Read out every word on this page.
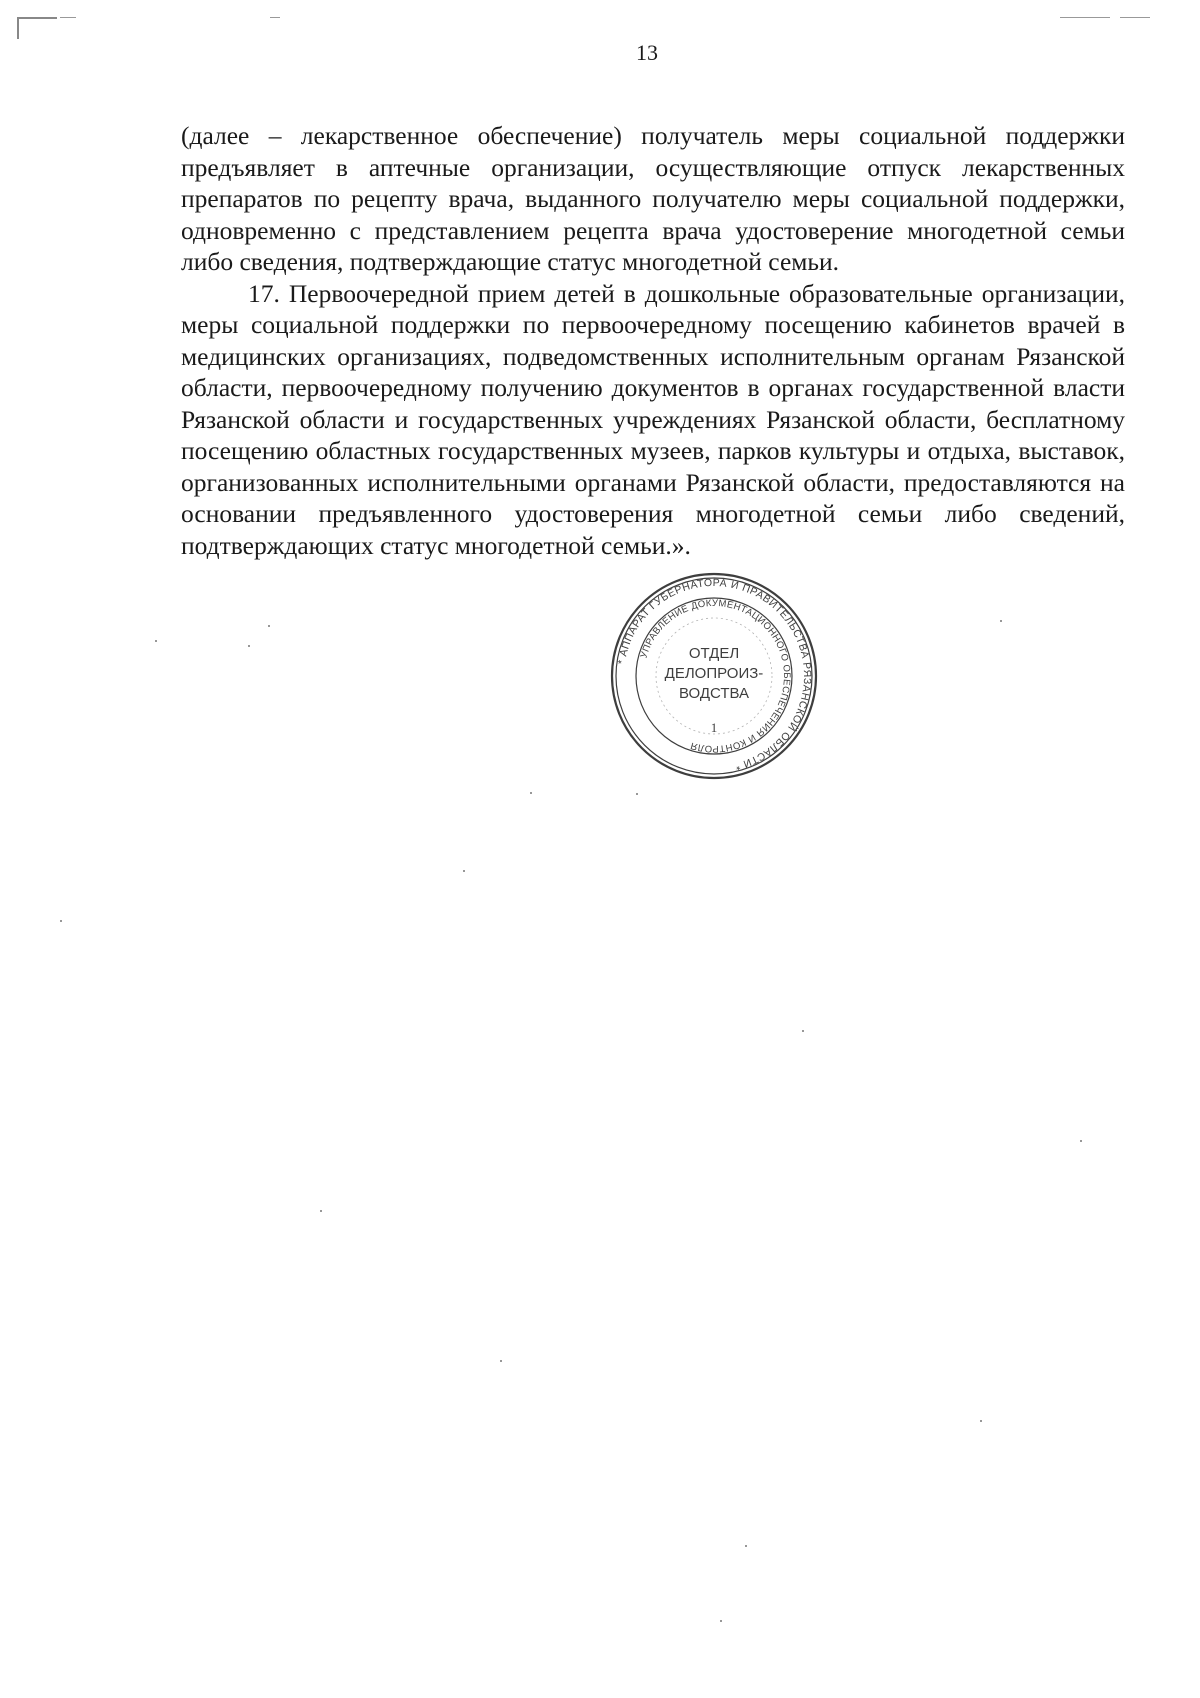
13

(далее – лекарственное обеспечение) получатель меры социальной поддержки предъявляет в аптечные организации, осуществляющие отпуск лекарственных препаратов по рецепту врача, выданного получателю меры социальной поддержки, одновременно с представлением рецепта врача удостоверение многодетной семьи либо сведения, подтверждающие статус многодетной семьи.

17. Первоочередной прием детей в дошкольные образовательные организации, меры социальной поддержки по первоочередному посещению кабинетов врачей в медицинских организациях, подведомственных исполнительным органам Рязанской области, первоочередному получению документов в органах государственной власти Рязанской области и государственных учреждениях Рязанской области, бесплатному посещению областных государственных музеев, парков культуры и отдыха, выставок, организованных исполнительными органами Рязанской области, предоставляются на основании предъявленного удостоверения многодетной семьи либо сведений, подтверждающих статус многодетной семьи.».

* АППАРАТ ГУБЕРНАТОРА И ПРАВИТЕЛЬСТВА РЯЗАНСКОЙ ОБЛАСТИ *
УПРАВЛЕНИЕ ДОКУМЕНТАЦИОННОГО ОБЕСПЕЧЕНИЯ И КОНТРОЛЯ
ОТДЕЛ
ДЕЛОПРОИЗ-
ВОДСТВА
1
